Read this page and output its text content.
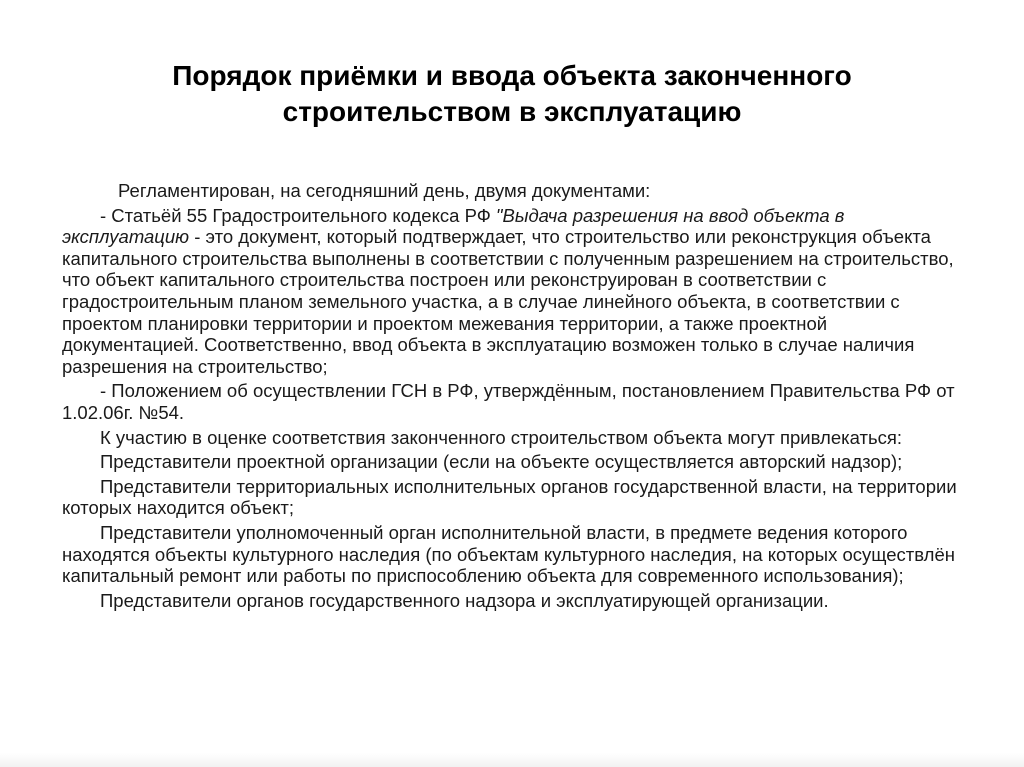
Порядок приёмки и ввода объекта законченного
строительством в эксплуатацию

Регламентирован, на сегодняшний день, двумя документами:

- Статьёй 55 Градостроительного кодекса РФ "Выдача разрешения на ввод объекта в эксплуатацию - это документ, который подтверждает, что строительство или реконструкция объекта капитального строительства выполнены в соответствии с полученным разрешением на строительство, что объект капитального строительства построен или реконструирован в соответствии с градостроительным планом земельного участка, а в случае линейного объекта, в соответствии с проектом планировки территории и проектом межевания территории, а также проектной документацией. Соответственно, ввод объекта в эксплуатацию возможен только в случае наличия разрешения на строительство;

- Положением об осуществлении ГСН в РФ, утверждённым, постановлением Правительства РФ от 1.02.06г. №54.

К участию в оценке соответствия законченного строительством объекта могут привлекаться:

Представители проектной организации (если на объекте осуществляется авторский надзор);

Представители территориальных исполнительных органов государственной власти, на территории которых находится объект;

Представители уполномоченный орган исполнительной власти, в предмете ведения которого находятся объекты культурного наследия (по объектам культурного наследия, на которых осуществлён капитальный ремонт или работы по приспособлению объекта для современного использования);

Представители органов государственного надзора и эксплуатирующей организации.
